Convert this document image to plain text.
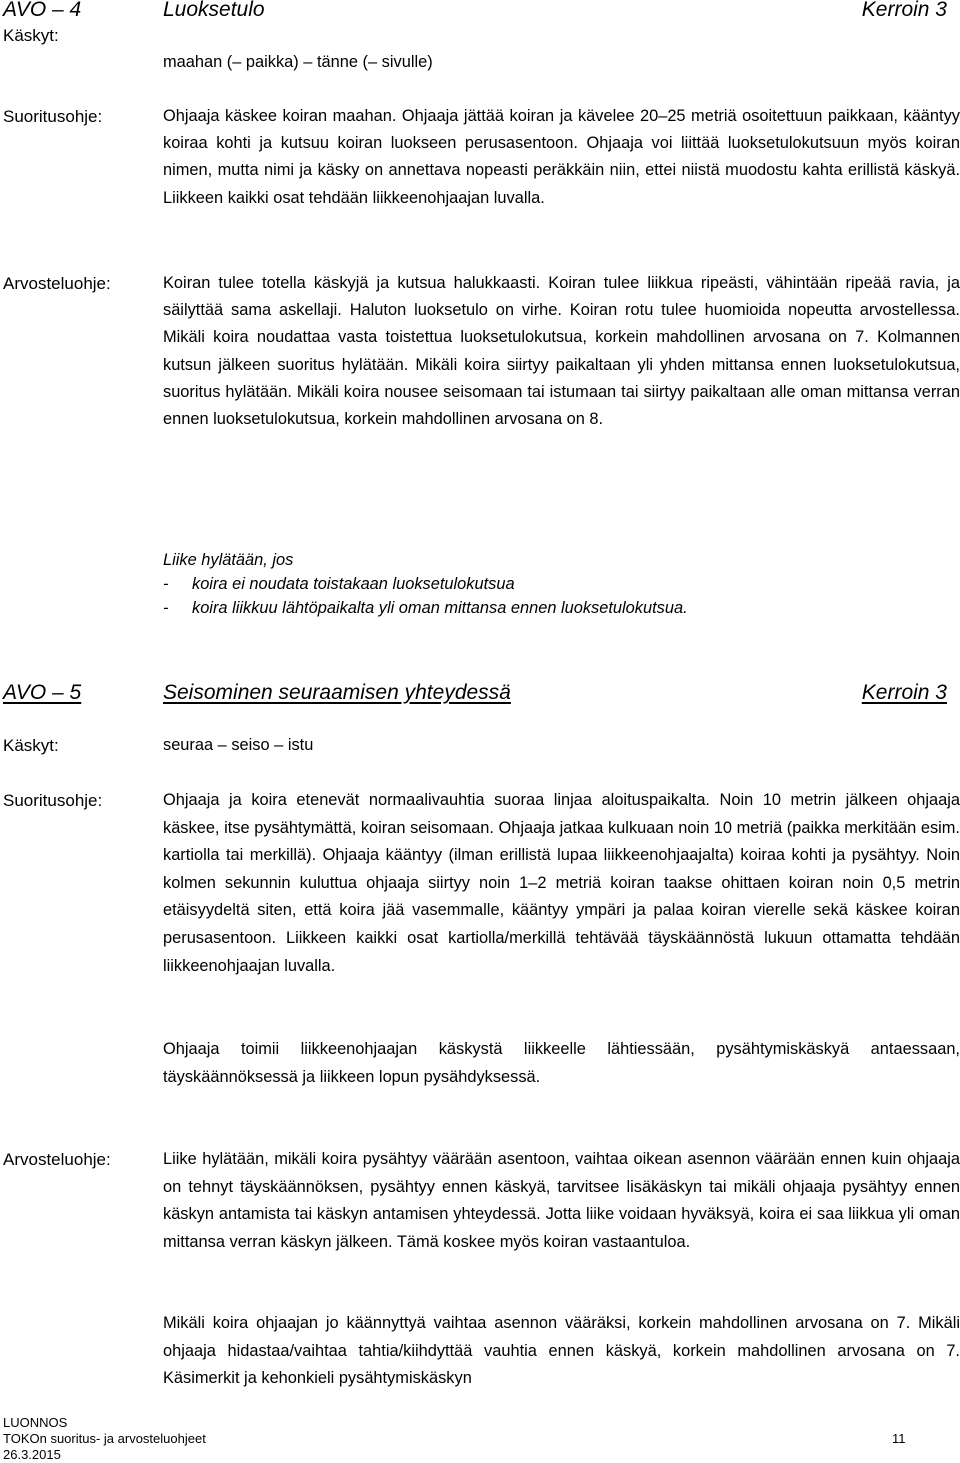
AVO – 4	Luoksetulo	Kerroin 3
Käskyt:
maahan (– paikka) – tänne (– sivulle)
Suoritusohje:	Ohjaaja käskee koiran maahan. Ohjaaja jättää koiran ja kävelee 20–25 metriä osoitettuun paikkaan, kääntyy koiraa kohti ja kutsuu koiran luokseen perusasentoon. Ohjaaja voi liittää luoksetulokutsuun myös koiran nimen, mutta nimi ja käsky on annettava nopeasti peräkkäin niin, ettei niistä muodostu kahta erillistä käskyä. Liikkeen kaikki osat tehdään liikkeenohjaajan luvalla.
Arvosteluohje:	Koiran tulee totella käskyjä ja kutsua halukkaasti. Koiran tulee liikkua ripeästi, vähintään ripeää ravia, ja säilyttää sama askellaji. Haluton luoksetulo on virhe. Koiran rotu tulee huomioida nopeutta arvostellessa. Mikäli koira noudattaa vasta toistettua luoksetulokutsua, korkein mahdollinen arvosana on 7. Kolmannen kutsun jälkeen suoritus hylätään. Mikäli koira siirtyy paikaltaan yli yhden mittansa ennen luoksetulokutsua, suoritus hylätään. Mikäli koira nousee seisomaan tai istumaan tai siirtyy paikaltaan alle oman mittansa verran ennen luoksetulokutsua, korkein mahdollinen arvosana on 8.
Liike hylätään, jos
- koira ei noudata toistakaan luoksetulokutsua
- koira liikkuu lähtöpaikalta yli oman mittansa ennen luoksetulokutsua.
AVO – 5	Seisominen seuraamisen yhteydessä	Kerroin 3
Käskyt:	seuraa – seiso – istu
Suoritusohje:	Ohjaaja ja koira etenevät normaalivauhtia suoraa linjaa aloituspaikalta. Noin 10 metrin jälkeen ohjaaja käskee, itse pysähtymättä, koiran seisomaan. Ohjaaja jatkaa kulkuaan noin 10 metriä (paikka merkitään esim. kartiolla tai merkillä). Ohjaaja kääntyy (ilman erillistä lupaa liikkeenohjaajalta) koiraa kohti ja pysähtyy. Noin kolmen sekunnin kuluttua ohjaaja siirtyy noin 1–2 metriä koiran taakse ohittaen koiran noin 0,5 metrin etäisyydeltä siten, että koira jää vasemmalle, kääntyy ympäri ja palaa koiran vierelle sekä käskee koiran perusasentoon. Liikkeen kaikki osat kartiolla/merkillä tehtävää täyskäännöstä lukuun ottamatta tehdään liikkeenohjaajan luvalla.
Ohjaaja toimii liikkeenohjaajan käskystä liikkeelle lähtiessään, pysähtymiskäskyä antaessaan, täyskäännöksessä ja liikkeen lopun pysähdyksessä.
Arvosteluohje:	Liike hylätään, mikäli koira pysähtyy väärään asentoon, vaihtaa oikean asennon väärään ennen kuin ohjaaja on tehnyt täyskäännöksen, pysähtyy ennen käskyä, tarvitsee lisäkäskyn tai mikäli ohjaaja pysähtyy ennen käskyn antamista tai käskyn antamisen yhteydessä. Jotta liike voidaan hyväksyä, koira ei saa liikkua yli oman mittansa verran käskyn jälkeen. Tämä koskee myös koiran vastaantuloa.
Mikäli koira ohjaajan jo käännyttyä vaihtaa asennon vääräksi, korkein mahdollinen arvosana on 7. Mikäli ohjaaja hidastaa/vaihtaa tahtia/kiihdyttää vauhtia ennen käskyä, korkein mahdollinen arvosana on 7. Käsimerkit ja kehonkieli pysähtymiskäskyn
LUONNOS
TOKOn suoritus- ja arvosteluohjeet
26.3.2015
11
